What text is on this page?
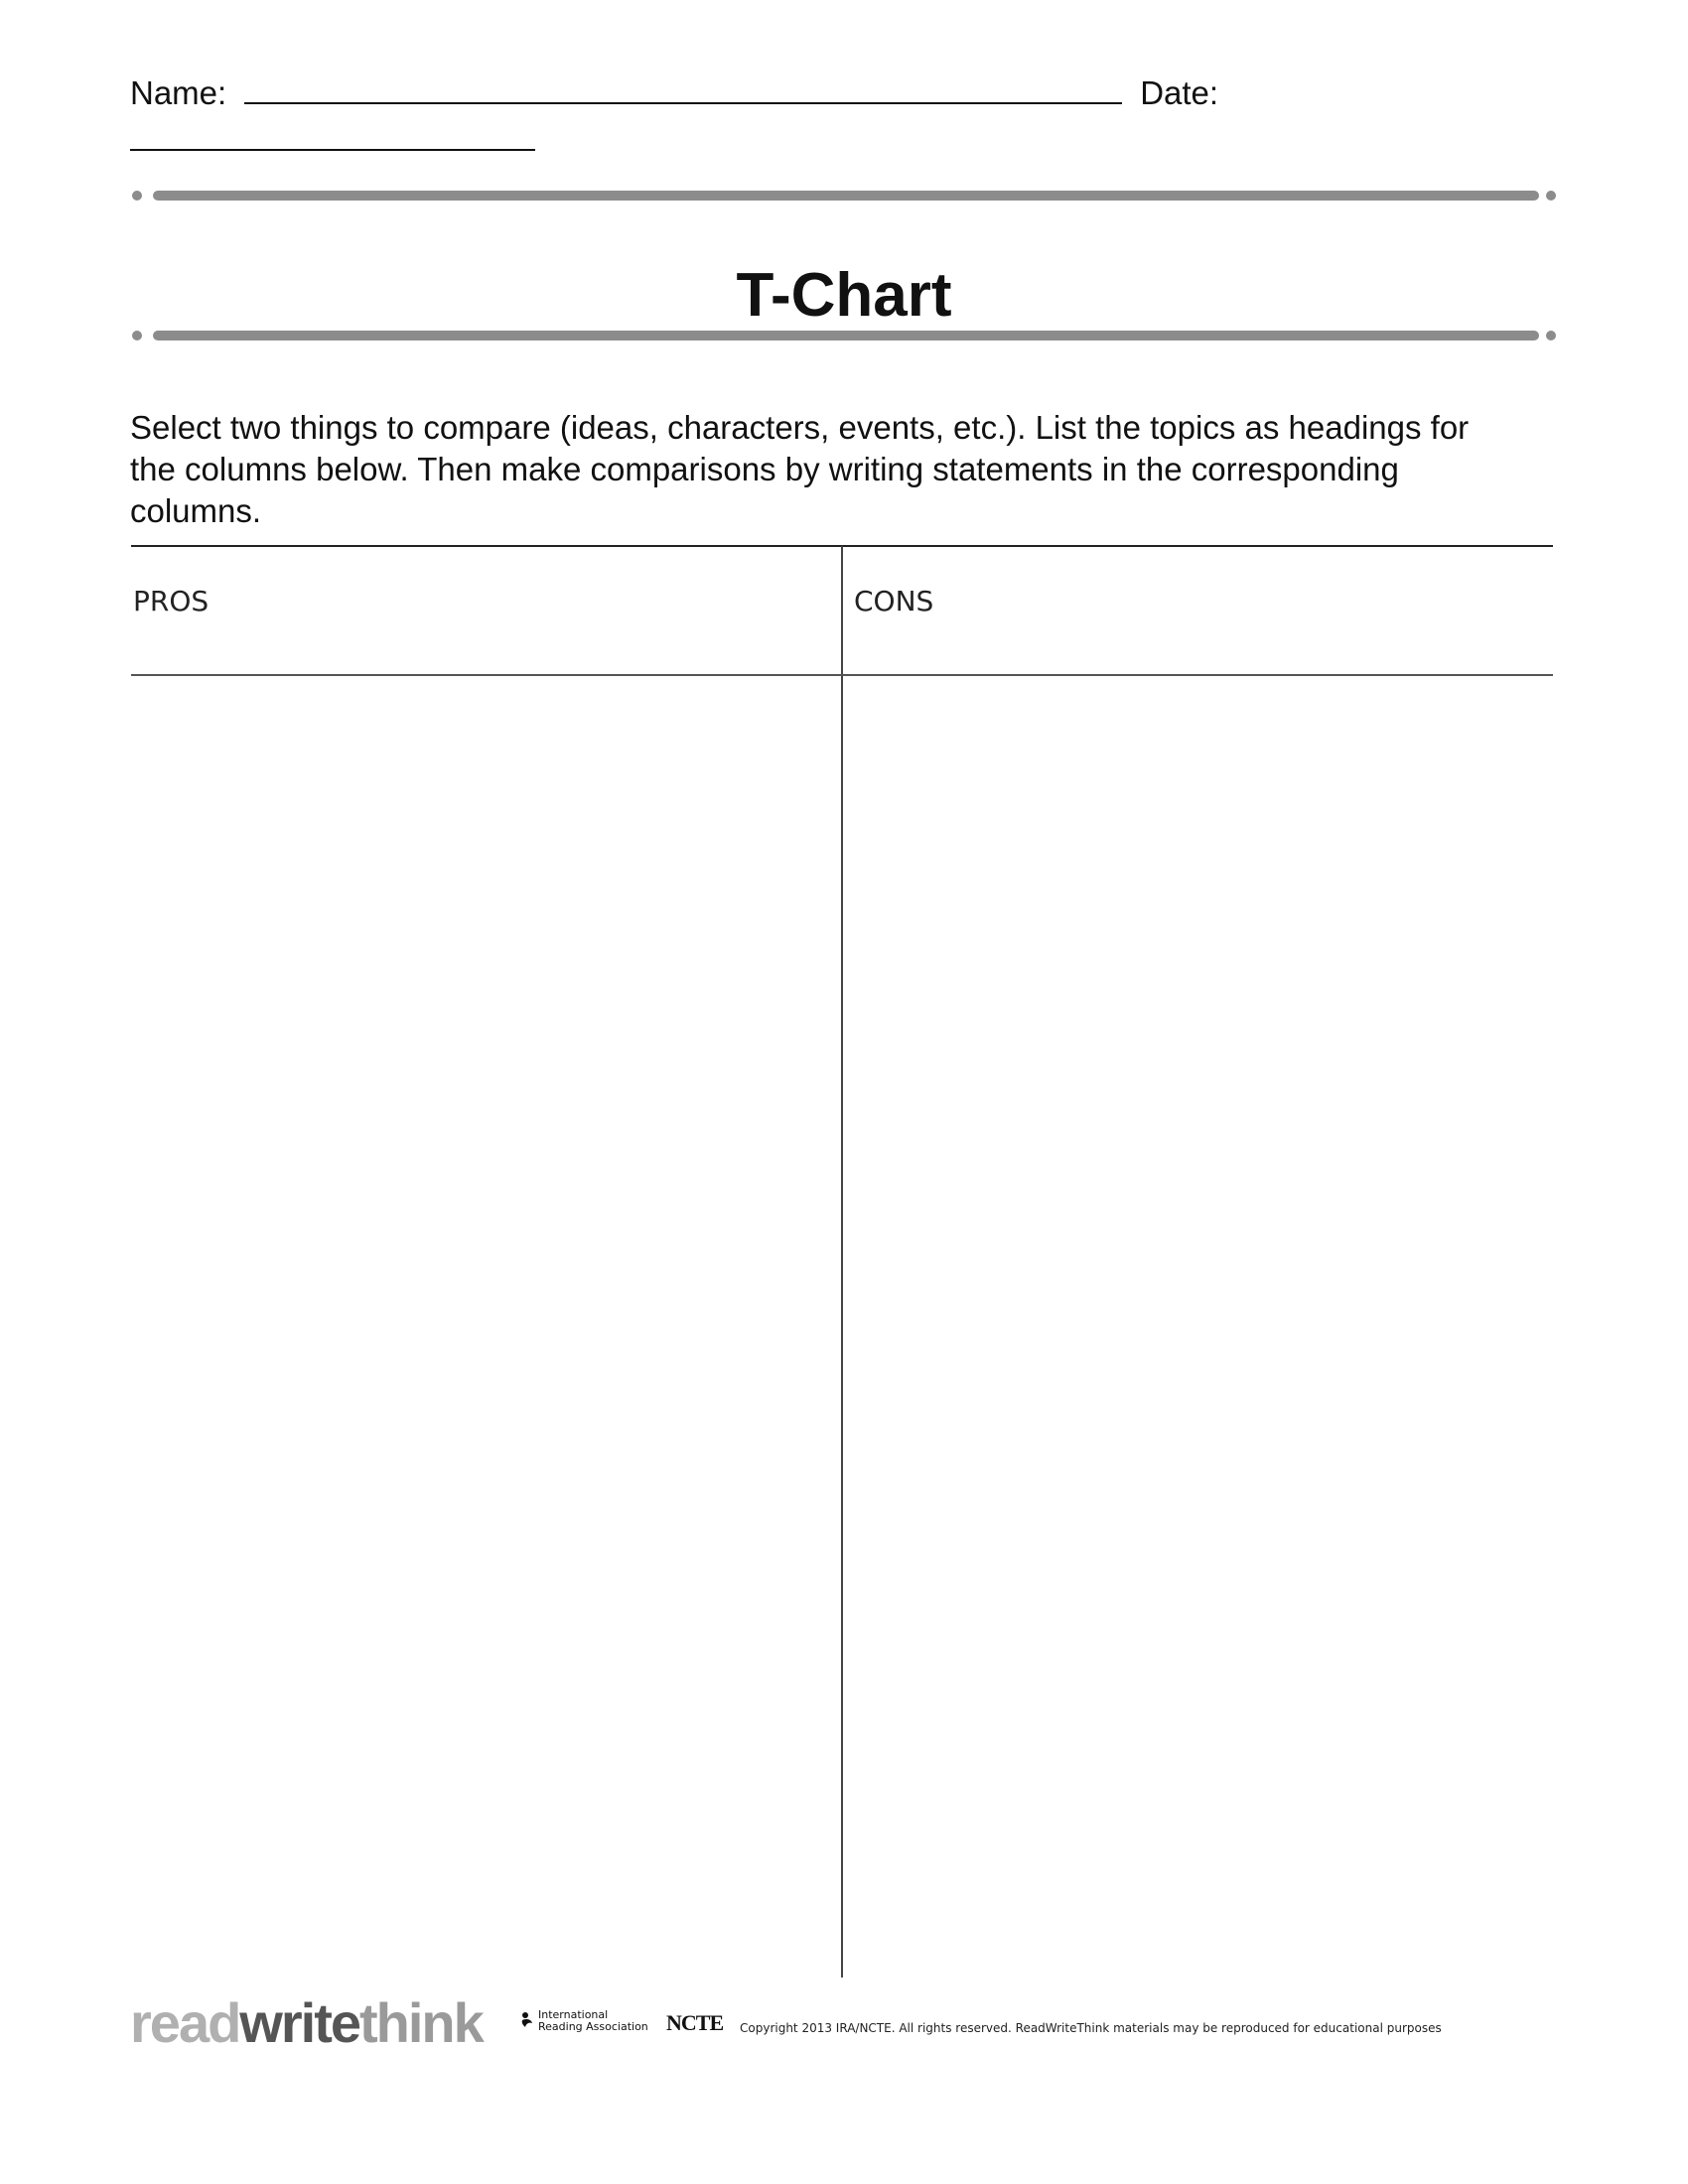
Name:	Date:
T-Chart
Select two things to compare (ideas, characters, events, etc.). List the topics as headings for the columns below. Then make comparisons by writing statements in the corresponding columns.
PROS	CONS
readwritethink	International
Reading Association NCTE Copyright 2013 IRA/NCTE. All rights reserved. ReadWriteThink materials may be reproduced for educational purposes
